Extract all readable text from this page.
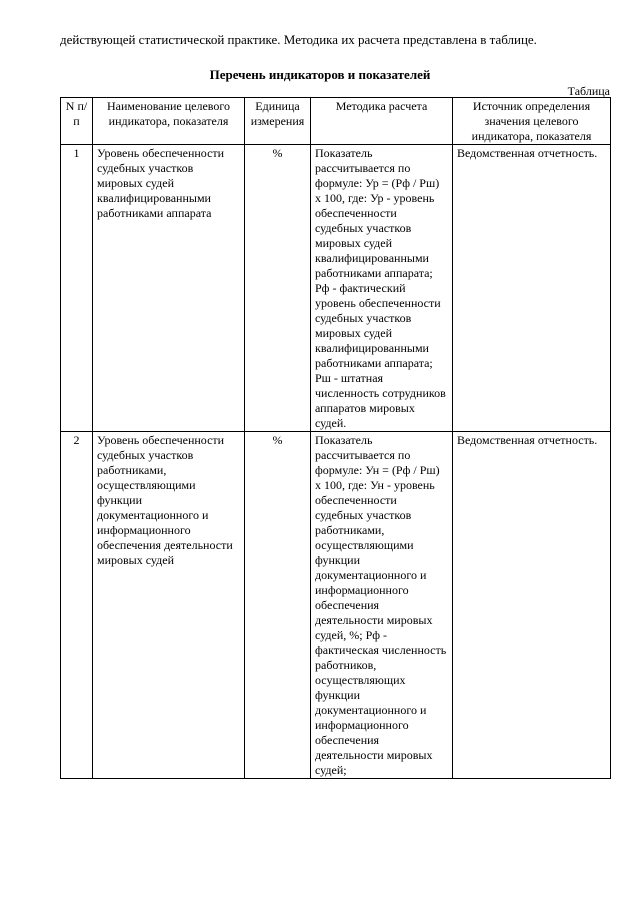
действующей статистической практике. Методика их расчета представлена в таблице.
Перечень индикаторов и показателей
Таблица
N п/п	Наименование целевого индикатора, показателя	Единица измерения	Методика расчета	Источник определения значения целевого индикатора, показателя
1	Уровень обеспеченности судебных участков мировых судей квалифицированными работниками аппарата	%	Показатель рассчитывается по формуле: Ур = (Рф / Рш) x 100, где: Ур - уровень обеспеченности судебных участков мировых судей квалифицированными работниками аппарата; Рф - фактический уровень обеспеченности судебных участков мировых судей квалифицированными работниками аппарата; Рш - штатная численность сотрудников аппаратов мировых судей.	Ведомственная отчетность.
2	Уровень обеспеченности судебных участков работниками, осуществляющими функции документационного и информационного обеспечения деятельности мировых судей	%	Показатель рассчитывается по формуле: Ун = (Рф / Рш) x 100, где: Ун - уровень обеспеченности судебных участков работниками, осуществляющими функции документационного и информационного обеспечения деятельности мировых судей, %; Рф - фактическая численность работников, осуществляющих функции документационного и информационного обеспечения деятельности мировых судей;	Ведомственная отчетность.
